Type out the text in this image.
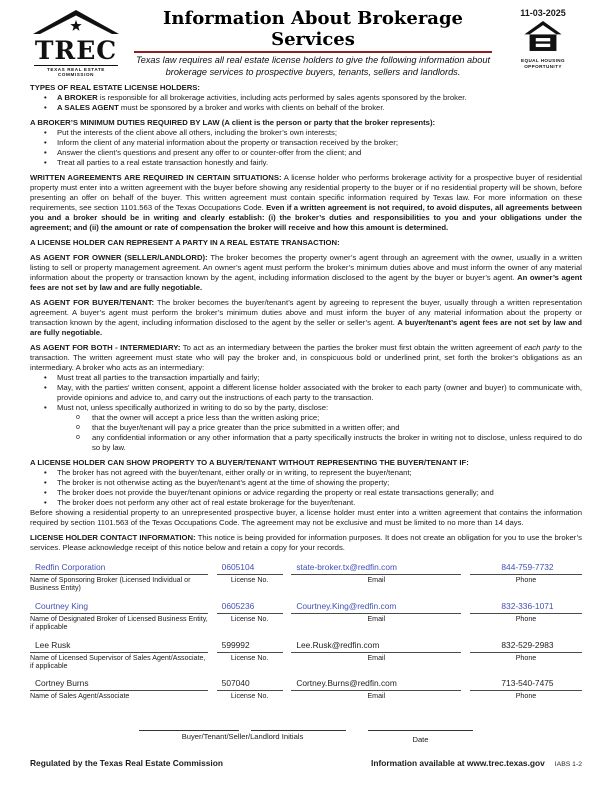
TREC
TEXAS REAL ESTATE COMMISSION
Information About Brokerage Services
Texas law requires all real estate license holders to give the following information about brokerage services to prospective buyers, tenants, sellers and landlords.
11-03-2025
EQUAL HOUSING
OPPORTUNITY
TYPES OF REAL ESTATE LICENSE HOLDERS:
• A BROKER is responsible for all brokerage activities, including acts performed by sales agents sponsored by the broker.
• A SALES AGENT must be sponsored by a broker and works with clients on behalf of the broker.
A BROKER’S MINIMUM DUTIES REQUIRED BY LAW (A client is the person or party that the broker represents):
• Put the interests of the client above all others, including the broker’s own interests;
• Inform the client of any material information about the property or transaction received by the broker;
• Answer the client’s questions and present any offer to or counter-offer from the client; and
• Treat all parties to a real estate transaction honestly and fairly.
WRITTEN AGREEMENTS ARE REQUIRED IN CERTAIN SITUATIONS: A license holder who performs brokerage activity for a prospective buyer of residential property must enter into a written agreement with the buyer before showing any residential property to the buyer or if no residential property will be shown, before presenting an offer on behalf of the buyer. This written agreement must contain specific information required by Texas law. For more information on these requirements, see section 1101.563 of the Texas Occupations Code. Even if a written agreement is not required, to avoid disputes, all agreements between you and a broker should be in writing and clearly establish: (i) the broker’s duties and responsibilities to you and your obligations under the agreement; and (ii) the amount or rate of compensation the broker will receive and how this amount is determined.
A LICENSE HOLDER CAN REPRESENT A PARTY IN A REAL ESTATE TRANSACTION:
AS AGENT FOR OWNER (SELLER/LANDLORD): The broker becomes the property owner’s agent through an agreement with the owner, usually in a written listing to sell or property management agreement. An owner’s agent must perform the broker’s minimum duties above and must inform the owner of any material information about the property or transaction known by the agent, including information disclosed to the agent by the buyer or buyer’s agent. An owner’s agent fees are not set by law and are fully negotiable.
AS AGENT FOR BUYER/TENANT: The broker becomes the buyer/tenant’s agent by agreeing to represent the buyer, usually through a written representation agreement. A buyer’s agent must perform the broker’s minimum duties above and must inform the buyer of any material information about the property or transaction known by the agent, including information disclosed to the agent by the seller or seller’s agent. A buyer/tenant’s agent fees are not set by law and are fully negotiable.
AS AGENT FOR BOTH - INTERMEDIARY: To act as an intermediary between the parties the broker must first obtain the written agreement of each party to the transaction. The written agreement must state who will pay the broker and, in conspicuous bold or underlined print, set forth the broker’s obligations as an intermediary. A broker who acts as an intermediary:
• Must treat all parties to the transaction impartially and fairly;
• May, with the parties’ written consent, appoint a different license holder associated with the broker to each party (owner and buyer) to communicate with, provide opinions and advice to, and carry out the instructions of each party to the transaction.
• Must not, unless specifically authorized in writing to do so by the party, disclose:
o that the owner will accept a price less than the written asking price;
o that the buyer/tenant will pay a price greater than the price submitted in a written offer; and
o any confidential information or any other information that a party specifically instructs the broker in writing not to disclose, unless required to do so by law.
A LICENSE HOLDER CAN SHOW PROPERTY TO A BUYER/TENANT WITHOUT REPRESENTING THE BUYER/TENANT IF:
• The broker has not agreed with the buyer/tenant, either orally or in writing, to represent the buyer/tenant;
• The broker is not otherwise acting as the buyer/tenant’s agent at the time of showing the property;
• The broker does not provide the buyer/tenant opinions or advice regarding the property or real estate transactions generally; and
• The broker does not perform any other act of real estate brokerage for the buyer/tenant.
Before showing a residential property to an unrepresented prospective buyer, a license holder must enter into a written agreement that contains the information required by section 1101.563 of the Texas Occupations Code. The agreement may not be exclusive and must be limited to no more than 14 days.
LICENSE HOLDER CONTACT INFORMATION: This notice is being provided for information purposes. It does not create an obligation for you to use the broker’s services. Please acknowledge receipt of this notice below and retain a copy for your records.
Redfin Corporation
Name of Sponsoring Broker (Licensed Individual or Business Entity)
0605104
License No.
state-broker.tx@redfin.com
Email
844-759-7732
Phone
Courtney King
Name of Designated Broker of Licensed Business Entity, if applicable
0605236
License No.
Courtney.King@redfin.com
Email
832-336-1071
Phone
Lee Rusk
Name of Licensed Supervisor of Sales Agent/Associate, if applicable
599992
License No.
Lee.Rusk@redfin.com
Email
832-529-2983
Phone
Cortney Burns
Name of Sales Agent/Associate
507040
License No.
Cortney.Burns@redfin.com
Email
713-540-7475
Phone
Buyer/Tenant/Seller/Landlord Initials	Date
Regulated by the Texas Real Estate Commission	Information available at www.trec.texas.gov IABS 1-2
